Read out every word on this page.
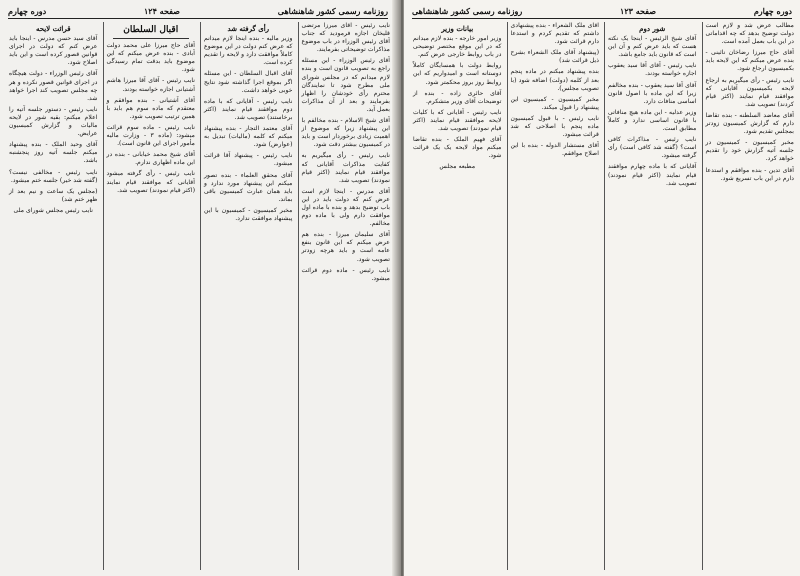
روزنامه رسمی کشور شاهنشاهی
صفحه ۱۲۴
دوره چهارم

نایب رئیس - آقای میرزا مرتضی قلیخان اجازه فرمودید که جناب آقای رئیس الوزراء در باب موضوع مذاکرات توضیحاتی بفرمایند.

آقای رئیس الوزراء - این مسئله راجع به تصویب قانون است و بنده لازم میدانم که در مجلس شورای ملی مطرح شود تا نمایندگان محترم رأی خودشان را اظهار بفرمایند و بعد از آن مذاکرات بعمل آید.

آقای شیخ الاسلام - بنده مخالفم با این پیشنهاد زیرا که موضوع از اهمیت زیادی برخوردار است و باید در کمیسیون بیشتر دقت شود.

نایب رئیس - رأی میگیریم به کفایت مذاکرات آقایانی که موافقند قیام نمایند (اکثر قیام نمودند) تصویب شد.

آقای مدرس - اینجا لازم است عرض کنم که دولت باید در این باب توضیح بدهد و بنده با ماده اول موافقت دارم ولی با ماده دوم مخالفم.

آقای سلیمان میرزا - بنده هم عرض میکنم که این قانون بنفع عامه است و باید هرچه زودتر تصویب شود.

نایب رئیس - ماده دوم قرائت میشود.

رأی گرفته شد

وزیر مالیه - بنده اینجا لازم میدانم که عرض کنم دولت در این موضوع کاملاً موافقت دارد و لایحه را تقدیم کرده است.

آقای اقبال السلطان - این مسئله اگر بموقع اجرا گذاشته شود نتایج خوبی خواهد داشت.

نایب رئیس - آقایانی که با ماده دوم موافقند قیام نمایند (اکثر برخاستند) تصویب شد.

آقای معتمد التجار - بنده پیشنهاد میکنم که کلمه (مالیات) تبدیل به (عوارض) شود.

نایب رئیس - پیشنهاد آقا قرائت میشود.

آقای محقق العلماء - بنده تصور میکنم این پیشنهاد مورد ندارد و باید همان عبارت کمیسیون باقی بماند.

مخبر کمیسیون - کمیسیون با این پیشنهاد موافقت ندارد.

اقبال السلطان

آقای حاج میرزا علی محمد دولت آبادی - بنده عرض میکنم که این موضوع باید بدقت تمام رسیدگی شود.

نایب رئیس - آقای آقا میرزا هاشم آشتیانی اجازه خواسته بودند.

آقای آشتیانی - بنده موافقم و معتقدم که ماده سوم هم باید با همین ترتیب تصویب شود.

نایب رئیس - ماده سوم قرائت میشود: (ماده ۳ - وزارت مالیه مأمور اجرای این قانون است).

آقای شیخ محمد خیابانی - بنده در این ماده اظهاری ندارم.

نایب رئیس - رأی گرفته میشود آقایانی که موافقند قیام نمایند (اکثر قیام نمودند) تصویب شد.

قرائت لایحه

آقای سید حسن مدرس - اینجا باید عرض کنم که دولت در اجرای قوانین قصور کرده است و این باید اصلاح شود.

آقای رئیس الوزراء - دولت هیچگاه در اجرای قوانین قصور نکرده و هر چه مجلس تصویب کند اجرا خواهد شد.

نایب رئیس - دستور جلسه آتیه را اعلام میکنم: بقیه شور در لایحه مالیات و گزارش کمیسیون عرایض.

آقای وحید الملک - بنده پیشنهاد میکنم جلسه آتیه روز پنجشنبه باشد.

نایب رئیس - مخالفی نیست؟ (گفته شد خیر) جلسه ختم میشود.

(مجلس یک ساعت و نیم بعد از ظهر ختم شد)

نایب رئیس مجلس شورای ملی
دوره چهارم
صفحه ۱۲۳
روزنامه رسمی کشور شاهنشاهی

مطالب عرض شد و لازم است دولت توضیح بدهد که چه اقداماتی در این باب بعمل آمده است.

آقای حاج میرزا رضاخان نائینی - بنده عرض میکنم که این لایحه باید بکمیسیون ارجاع شود.

نایب رئیس - رأی میگیریم به ارجاع لایحه بکمیسیون آقایانی که موافقند قیام نمایند (اکثر قیام کردند) تصویب شد.

آقای معاضد السلطنه - بنده تقاضا دارم که گزارش کمیسیون زودتر بمجلس تقدیم شود.

مخبر کمیسیون - کمیسیون در جلسه آتیه گزارش خود را تقدیم خواهد کرد.

آقای تدین - بنده موافقم و استدعا دارم در این باب تسریع شود.

شور دوم

آقای شیخ الرئیس - اینجا یک نکته هست که باید عرض کنم و آن این است که قانون باید جامع باشد.

نایب رئیس - آقای آقا سید یعقوب اجازه خواسته بودند.

آقای آقا سید یعقوب - بنده مخالفم زیرا که این ماده با اصول قانون اساسی منافات دارد.

وزیر عدلیه - این ماده هیچ منافاتی با قانون اساسی ندارد و کاملاً مطابق است.

نایب رئیس - مذاکرات کافی است؟ (گفته شد کافی است) رأی گرفته میشود.

آقایانی که با ماده چهارم موافقند قیام نمایند (اکثر قیام نمودند) تصویب شد.

آقای ملک الشعراء - بنده پیشنهادی داشتم که تقدیم کردم و استدعا دارم قرائت شود.

(پیشنهاد آقای ملک الشعراء بشرح ذیل قرائت شد)

بنده پیشنهاد میکنم در ماده پنجم بعد از کلمه (دولت) اضافه شود (با تصویب مجلس).

مخبر کمیسیون - کمیسیون این پیشنهاد را قبول میکند.

نایب رئیس - با قبول کمیسیون ماده پنجم با اصلاحی که شد قرائت میشود.

آقای مستشار الدوله - بنده با این اصلاح موافقم.

بیانات وزیر

وزیر امور خارجه - بنده لازم میدانم که در این موقع مختصر توضیحی در باب روابط خارجی عرض کنم.

روابط دولت با همسایگان کاملاً دوستانه است و امیدواریم که این روابط روز بروز محکمتر شود.

آقای حائری زاده - بنده از توضیحات آقای وزیر متشکرم.

نایب رئیس - آقایانی که با کلیات لایحه موافقند قیام نمایند (اکثر قیام نمودند) تصویب شد.

آقای فهیم الملک - بنده تقاضا میکنم مواد لایحه یک یک قرائت شود.

مطبعه مجلس
